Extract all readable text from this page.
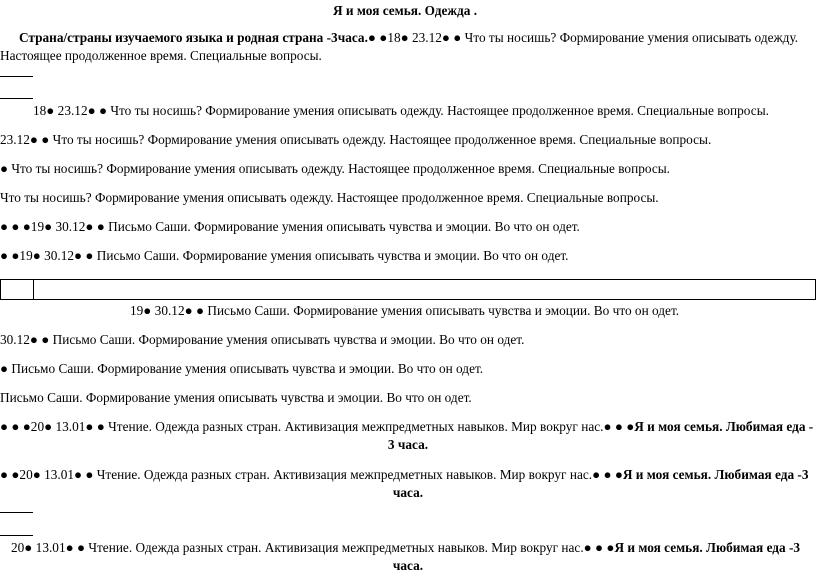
Я и моя семья. Одежда .
Страна/страны изучаемого языка и родная страна -3часа.● ●18● 23.12● ● Что ты носишь? Формирование умения описывать одежду.
Настоящее продолженное время. Специальные вопросы.
18● 23.12● ● Что ты носишь? Формирование умения описывать одежду. Настоящее продолженное время. Специальные вопросы.
23.12● ● Что ты носишь? Формирование умения описывать одежду. Настоящее продолженное время. Специальные вопросы.
● Что ты носишь? Формирование умения описывать одежду. Настоящее продолженное время. Специальные вопросы.
Что ты носишь? Формирование умения описывать одежду. Настоящее продолженное время. Специальные вопросы.
● ● ●19● 30.12● ● Письмо Саши. Формирование умения описывать чувства и эмоции. Во что он одет.
● ●19● 30.12● ● Письмо Саши. Формирование умения описывать чувства и эмоции. Во что он одет.
19● 30.12● ● Письмо Саши. Формирование умения описывать чувства и эмоции. Во что он одет.
30.12● ● Письмо Саши. Формирование умения описывать чувства и эмоции. Во что он одет.
● Письмо Саши. Формирование умения описывать чувства и эмоции. Во что он одет.
Письмо Саши. Формирование умения описывать чувства и эмоции. Во что он одет.
● ● ●20● 13.01● ● Чтение. Одежда разных стран. Активизация межпредметных навыков. Мир вокруг нас.● ● ●Я и моя семья. Любимая еда -
3 часа.
● ●20● 13.01● ● Чтение. Одежда разных стран. Активизация межпредметных навыков. Мир вокруг нас.● ● ●Я и моя семья. Любимая еда -3
часа.
20● 13.01● ● Чтение. Одежда разных стран. Активизация межпредметных навыков. Мир вокруг нас.● ● ●Я и моя семья. Любимая еда -3
часа.
